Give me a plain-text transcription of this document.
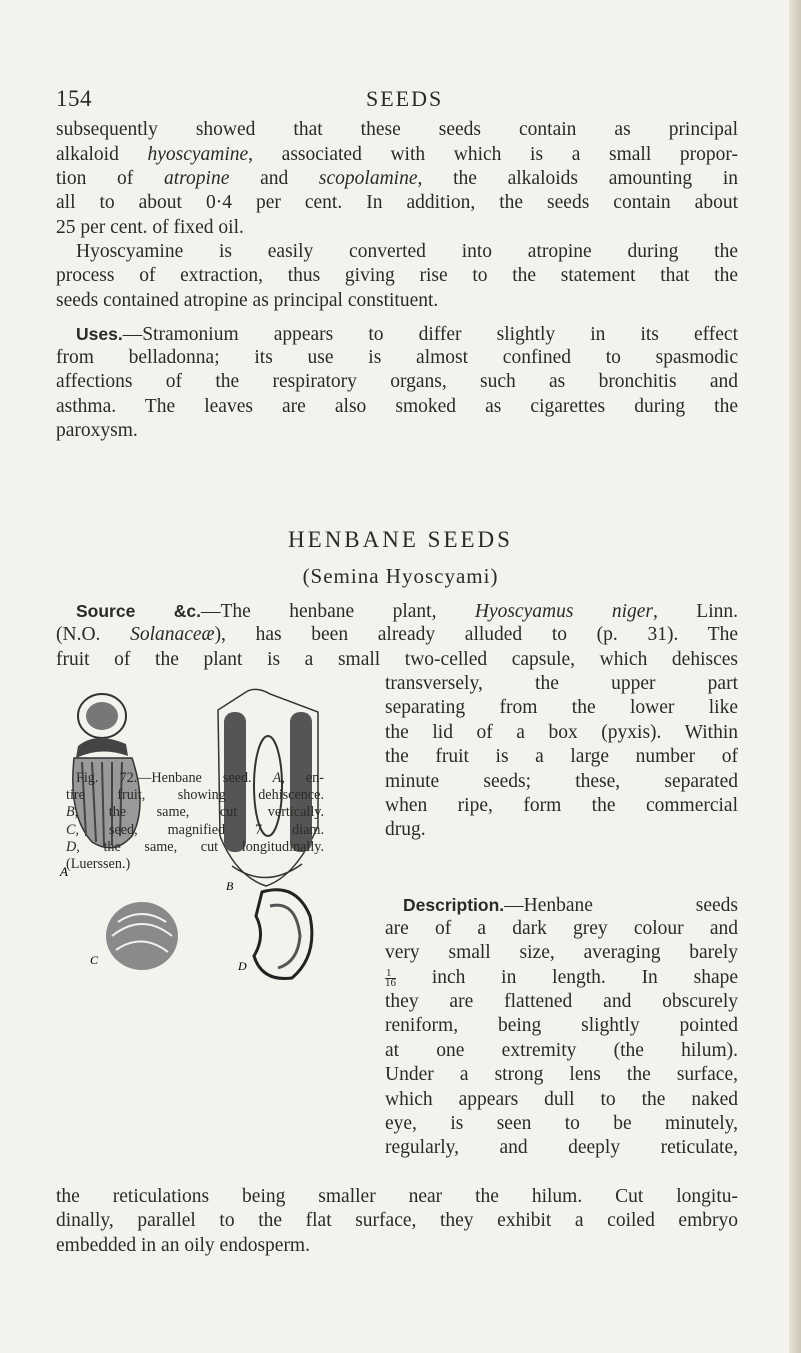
154	SEEDS

subsequently showed that these seeds contain as principal

alkaloid hyoscyamine, associated with which is a small propor-

tion of atropine and scopolamine, the alkaloids amounting in

all to about 0·4 per cent. In addition, the seeds contain about

25 per cent. of fixed oil.

Hyoscyamine is easily converted into atropine during the

process of extraction, thus giving rise to the statement that the

seeds contained atropine as principal constituent.

Uses.—Stramonium appears to differ slightly in its effect

from belladonna; its use is almost confined to spasmodic

affections of the respiratory organs, such as bronchitis and

asthma. The leaves are also smoked as cigarettes during the

paroxysm.

HENBANE SEEDS

(Semina Hyoscyami)

Source &c.—The henbane plant, Hyoscyamus niger, Linn.

(N.O. Solanaceæ), has been already alluded to (p. 31). The

fruit of the plant is a small two-celled capsule, which dehisces

transversely, the upper part

separating from the lower like

the lid of a box (pyxis). Within

the fruit is a large number of

minute seeds; these, separated

when ripe, form the commercial

drug.

A
B
C	D

Fig. 72.—Henbane seed. A, en-

tire fruit, showing dehiscence.

B, the same, cut vertically.

C, seed, magnified 7 diam.

D, the same, cut longitudinally.

(Luerssen.)

Description.—Henbane seeds

are of a dark grey colour and

very small size, averaging barely

$\frac{1}{16}$ inch in length. In shape

they are flattened and obscurely

reniform, being slightly pointed

at one extremity (the hilum).

Under a strong lens the surface,

which appears dull to the naked

eye, is seen to be minutely,

regularly, and deeply reticulate,

the reticulations being smaller near the hilum. Cut longitu-

dinally, parallel to the flat surface, they exhibit a coiled embryo

embedded in an oily endosperm.
